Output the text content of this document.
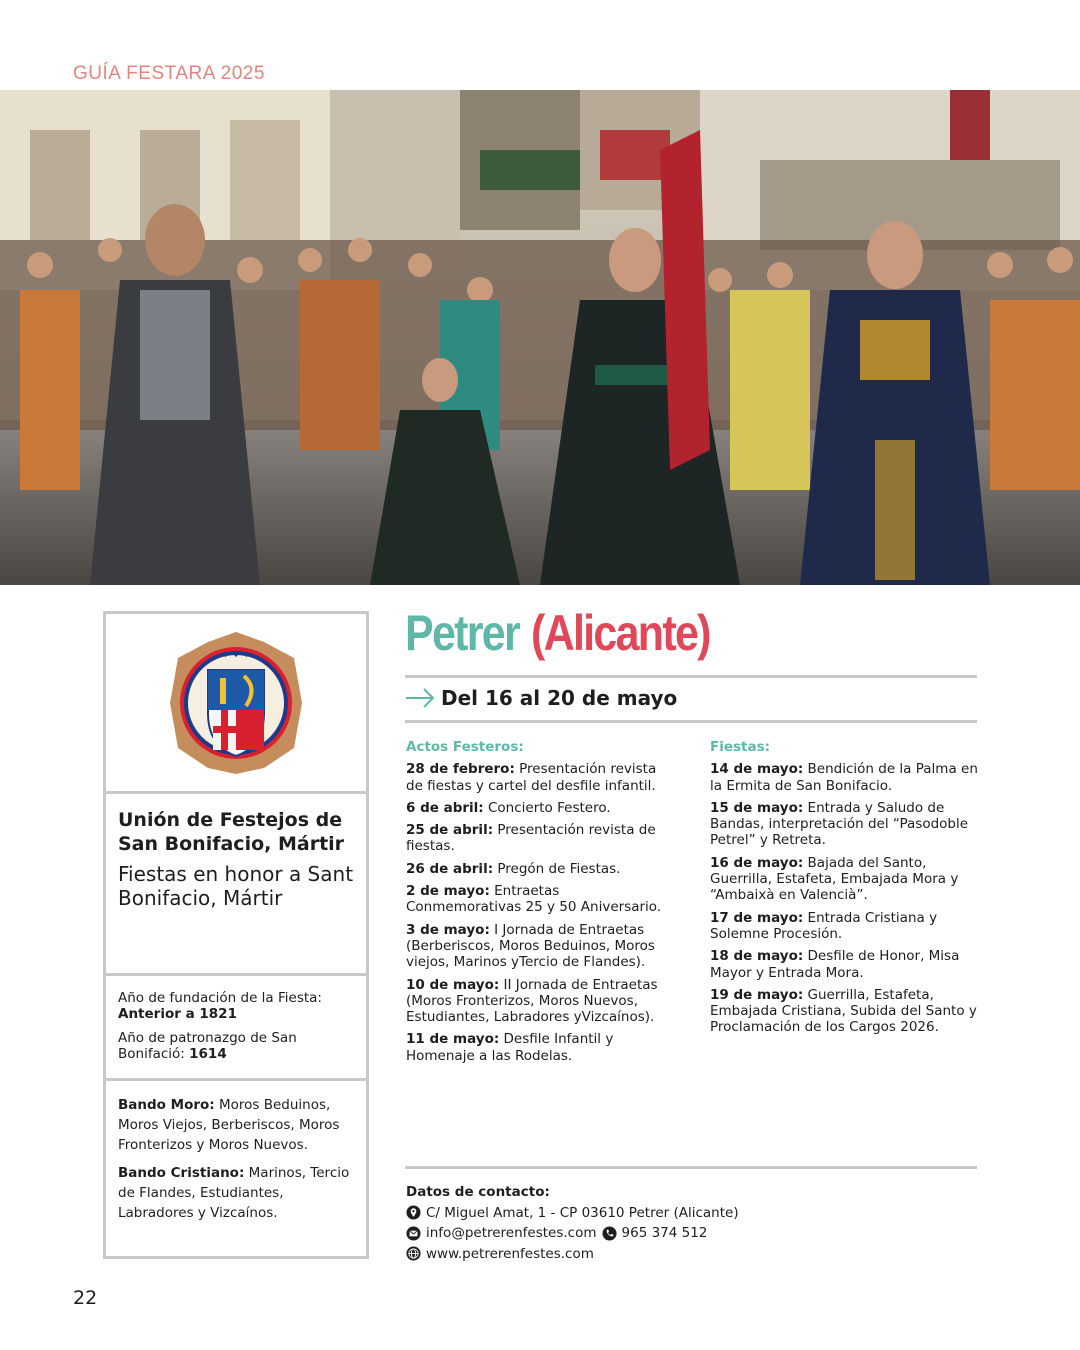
GUÍA FESTARA 2025
✦ ✦ ✦
Unión de Festejos de San Bonifacio, Mártir
Fiestas en honor a Sant Bonifacio, Mártir

Año de fundación de la Fiesta: Anterior a 1821

Año de patronazgo de San Bonifació: 1614

Bando Moro: Moros Beduinos, Moros Viejos, Berberiscos, Moros Fronterizos y Moros Nuevos.

Bando Cristiano: Marinos, Tercio de Flandes, Estudiantes, Labradores y Vizcaínos.

Petrer (Alicante)
Del 16 al 20 de mayo
Actos Festeros:
28 de febrero: Presentación revista de fiestas y cartel del desfile infantil.
6 de abril: Concierto Festero.
25 de abril: Presentación revista de fiestas.
26 de abril: Pregón de Fiestas.
2 de mayo: Entraetas Conmemorativas 25 y 50 Aniversario.
3 de mayo: I Jornada de Entraetas (Berberiscos, Moros Beduinos, Moros viejos, Marinos yTercio de Flandes).
10 de mayo: II Jornada de Entraetas (Moros Fronterizos, Moros Nuevos, Estudiantes, Labradores yVizcaínos).
11 de mayo: Desfile Infantil y Homenaje a las Rodelas.
Fiestas:
14 de mayo: Bendición de la Palma en la Ermita de San Bonifacio.
15 de mayo: Entrada y Saludo de Bandas, interpretación del “Pasodoble Petrel” y Retreta.
16 de mayo: Bajada del Santo, Guerrilla, Estafeta, Embajada Mora y “Ambaixà en Valencià”.
17 de mayo: Entrada Cristiana y Solemne Procesión.
18 de mayo: Desfile de Honor, Misa Mayor y Entrada Mora.
19 de mayo: Guerrilla, Estafeta, Embajada Cristiana, Subida del Santo y Proclamación de los Cargos 2026.
Datos de contacto:
C/ Miguel Amat, 1 - CP 03610 Petrer (Alicante)
info@petrerenfestes.com 965 374 512
www.petrerenfestes.com
22
